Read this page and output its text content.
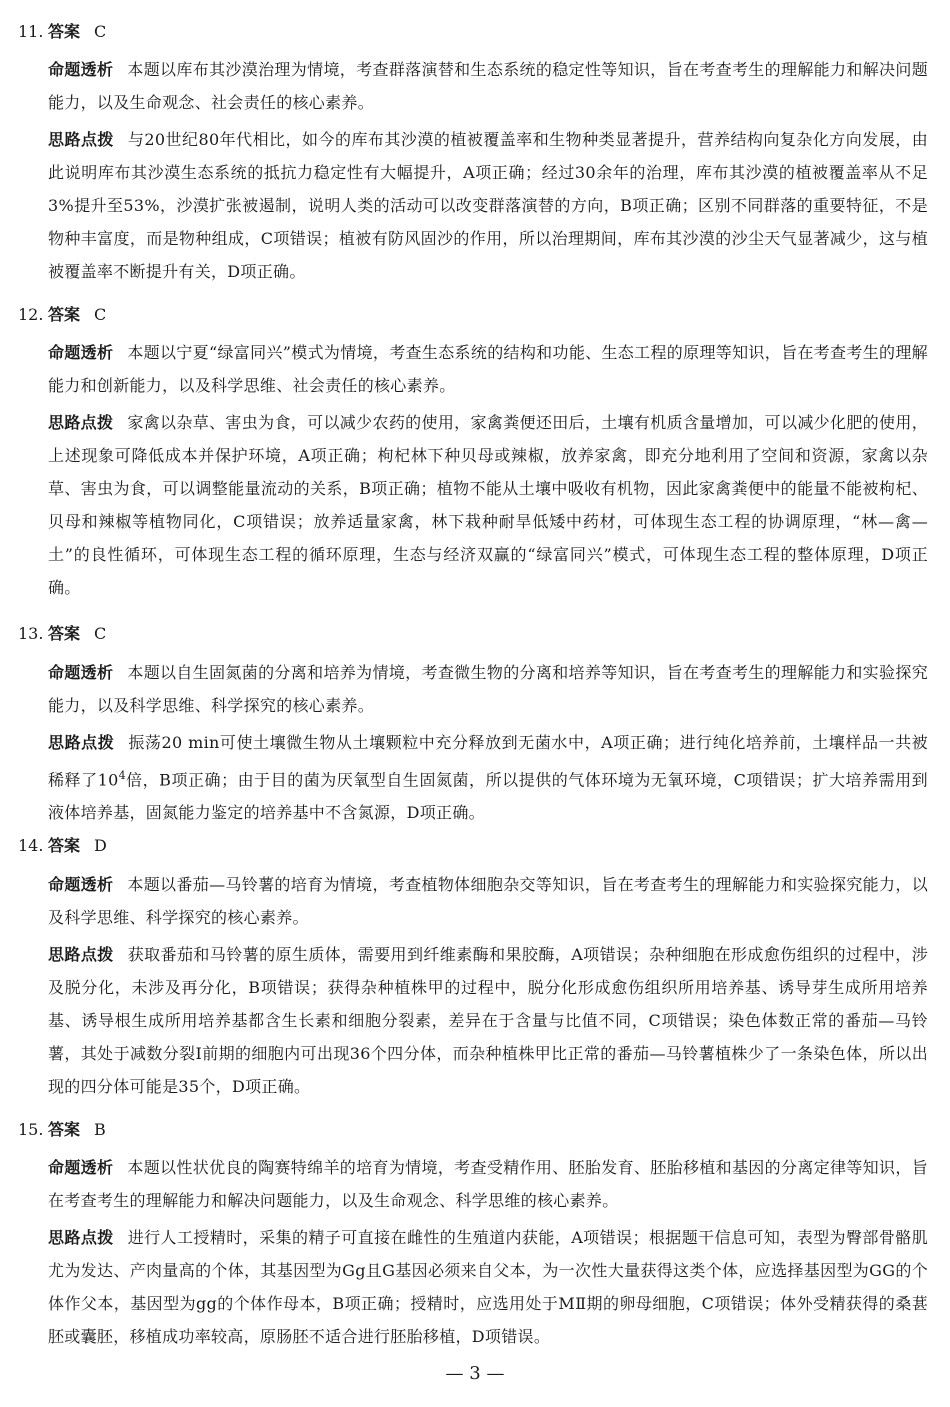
11. 答案 C
命题透析 本题以库布其沙漠治理为情境，考查群落演替和生态系统的稳定性等知识，旨在考查考生的理解能力和解决问题能力，以及生命观念、社会责任的核心素养。
思路点拨 与20世纪80年代相比，如今的库布其沙漠的植被覆盖率和生物种类显著提升，营养结构向复杂化方向发展，由此说明库布其沙漠生态系统的抵抗力稳定性有大幅提升，A项正确；经过30余年的治理，库布其沙漠的植被覆盖率从不足3%提升至53%，沙漠扩张被遏制，说明人类的活动可以改变群落演替的方向，B项正确；区别不同群落的重要特征，不是物种丰富度，而是物种组成，C项错误；植被有防风固沙的作用，所以治理期间，库布其沙漠的沙尘天气显著减少，这与植被覆盖率不断提升有关，D项正确。
12. 答案 C
命题透析 本题以宁夏“绿富同兴”模式为情境，考查生态系统的结构和功能、生态工程的原理等知识，旨在考查考生的理解能力和创新能力，以及科学思维、社会责任的核心素养。
思路点拨 家禽以杂草、害虫为食，可以减少农药的使用，家禽粪便还田后，土壤有机质含量增加，可以减少化肥的使用，上述现象可降低成本并保护环境，A项正确；枸杞林下种贝母或辣椒，放养家禽，即充分地利用了空间和资源，家禽以杂草、害虫为食，可以调整能量流动的关系，B项正确；植物不能从土壤中吸收有机物，因此家禽粪便中的能量不能被枸杞、贝母和辣椒等植物同化，C项错误；放养适量家禽，林下栽种耐旱低矮中药材，可体现生态工程的协调原理，“林—禽—土”的良性循环，可体现生态工程的循环原理，生态与经济双赢的“绿富同兴”模式，可体现生态工程的整体原理，D项正确。
13. 答案 C
命题透析 本题以自生固氮菌的分离和培养为情境，考查微生物的分离和培养等知识，旨在考查考生的理解能力和实验探究能力，以及科学思维、科学探究的核心素养。
思路点拨 振荡20 min可使土壤微生物从土壤颗粒中充分释放到无菌水中，A项正确；进行纯化培养前，土壤样品一共被稀释了$10^4$倍，B项正确；由于目的菌为厌氧型自生固氮菌，所以提供的气体环境为无氧环境，C项错误；扩大培养需用到液体培养基，固氮能力鉴定的培养基中不含氮源，D项正确。
14. 答案 D
命题透析 本题以番茄—马铃薯的培育为情境，考查植物体细胞杂交等知识，旨在考查考生的理解能力和实验探究能力，以及科学思维、科学探究的核心素养。
思路点拨 获取番茄和马铃薯的原生质体，需要用到纤维素酶和果胶酶，A项错误；杂种细胞在形成愈伤组织的过程中，涉及脱分化，未涉及再分化，B项错误；获得杂种植株甲的过程中，脱分化形成愈伤组织所用培养基、诱导芽生成所用培养基、诱导根生成所用培养基都含生长素和细胞分裂素，差异在于含量与比值不同，C项错误；染色体数正常的番茄—马铃薯，其处于减数分裂Ⅰ前期的细胞内可出现36个四分体，而杂种植株甲比正常的番茄—马铃薯植株少了一条染色体，所以出现的四分体可能是35个，D项正确。
15. 答案 B
命题透析 本题以性状优良的陶赛特绵羊的培育为情境，考查受精作用、胚胎发育、胚胎移植和基因的分离定律等知识，旨在考查考生的理解能力和解决问题能力，以及生命观念、科学思维的核心素养。
思路点拨 进行人工授精时，采集的精子可直接在雌性的生殖道内获能，A项错误；根据题干信息可知，表型为臀部骨骼肌尤为发达、产肉量高的个体，其基因型为Gg且G基因必须来自父本，为一次性大量获得这类个体，应选择基因型为GG的个体作父本，基因型为gg的个体作母本，B项正确；授精时，应选用处于MⅡ期的卵母细胞，C项错误；体外受精获得的桑葚胚或囊胚，移植成功率较高，原肠胚不适合进行胚胎移植，D项错误。
— 3 —
